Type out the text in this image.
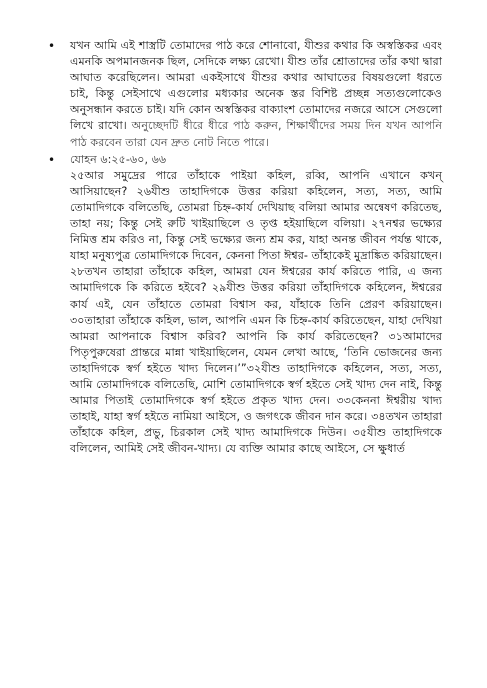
• যখন আমি এই শাস্ত্রটি তোমাদের পাঠ করে শোনাবো, যীশুর কথার কি অস্বস্তিকর এবং এমনকি অপমানজনক ছিল, সেদিকে লক্ষ্য রেখো। যীশু তাঁর শ্রোতাদের তাঁর কথা দ্বারা আঘাত করেছিলেন। আমরা একইসাথে যীশুর কথার আঘাতের বিষয়গুলো ধরতে চাই, কিন্তু সেইসাথে এগুলোর মধ্যকার অনেক স্তর বিশিষ্ট প্রচ্ছন্ন সত্যগুলোকেও অনুসন্ধান করতে চাই। যদি কোন অস্বস্তিকর বাক্যাংশ তোমাদের নজরে আসে সেগুলো লিখে রাখো। অনুচ্ছেদটি ধীরে ধীরে পাঠ করুন, শিক্ষার্থীদের সময় দিন যখন আপনি পাঠ করবেন তারা যেন দ্রুত নোট নিতে পারে।
• যোহন ৬:২৫-৬০, ৬৬
২৫আর সমুদ্রের পারে তাঁহাকে পাইয়া কহিল, রব্বি, আপনি এখানে কখন্ আসিয়াছেন? ২৬যীশু তাহাদিগকে উত্তর করিয়া কহিলেন, সত্য, সত্য, আমি তোমাদিগকে বলিতেছি, তোমরা চিহ্ন-কার্য দেখিয়াছ বলিয়া আমার অন্বেষণ করিতেছ, তাহা নয়; কিন্তু সেই রুটি খাইয়াছিলে ও তৃপ্ত হইয়াছিলে বলিয়া। ২৭নশ্বর ভক্ষ্যের নিমিত্ত শ্রম করিও না, কিন্তু সেই ভক্ষ্যের জন্য শ্রম কর, যাহা অনন্ত জীবন পর্যন্ত থাকে, যাহা মনুষ্যপুত্র তোমাদিগকে দিবেন, কেননা পিতা ঈশ্বর- তাঁহাকেই মুদ্রাঙ্কিত করিয়াছেন। ২৮তখন তাহারা তাঁহাকে কহিল, আমরা যেন ঈশ্বরের কার্য করিতে পারি, এ জন্য আমাদিগকে কি করিতে হইবে? ২৯যীশু উত্তর করিয়া তাঁহাদিগকে কহিলেন, ঈশ্বরের কার্য এই, যেন তাঁহাতে তোমরা বিশ্বাস কর, যাঁহাকে তিনি প্রেরণ করিয়াছেন। ৩০তাহারা তাঁহাকে কহিল, ভাল, আপনি এমন কি চিহ্ন-কার্য করিতেছেন, যাহা দেখিয়া আমরা আপনাকে বিশ্বাস করিব? আপনি কি কার্য করিতেছেন? ৩১আমাদের পিতৃপুরুষেরা প্রান্তরে মান্না খাইয়াছিলেন, যেমন লেখা আছে, ‘তিনি ভোজনের জন্য তাহাদিগকে স্বর্গ হইতে খাদ্য দিলেন।’”৩২যীশু তাহাদিগকে কহিলেন, সত্য, সত্য, আমি তোমাদিগকে বলিতেছি, মোশি তোমাদিগকে স্বর্গ হইতে সেই খাদ্য দেন নাই, কিন্তু আমার পিতাই তোমাদিগকে স্বর্গ হইতে প্রকৃত খাদ্য দেন। ৩৩কেননা ঈশ্বরীয় খাদ্য তাহাই, যাহা স্বর্গ হইতে নামিয়া আইসে, ও জগৎকে জীবন দান করে। ৩৪তখন তাহারা তাঁহাকে কহিল, প্রভু, চিরকাল সেই খাদ্য আমাদিগকে দিউন। ৩৫যীশু তাহাদিগকে বলিলেন, আমিই সেই জীবন-খাদ্য। যে ব্যক্তি আমার কাছে আইসে, সে ক্ষুধার্ত
